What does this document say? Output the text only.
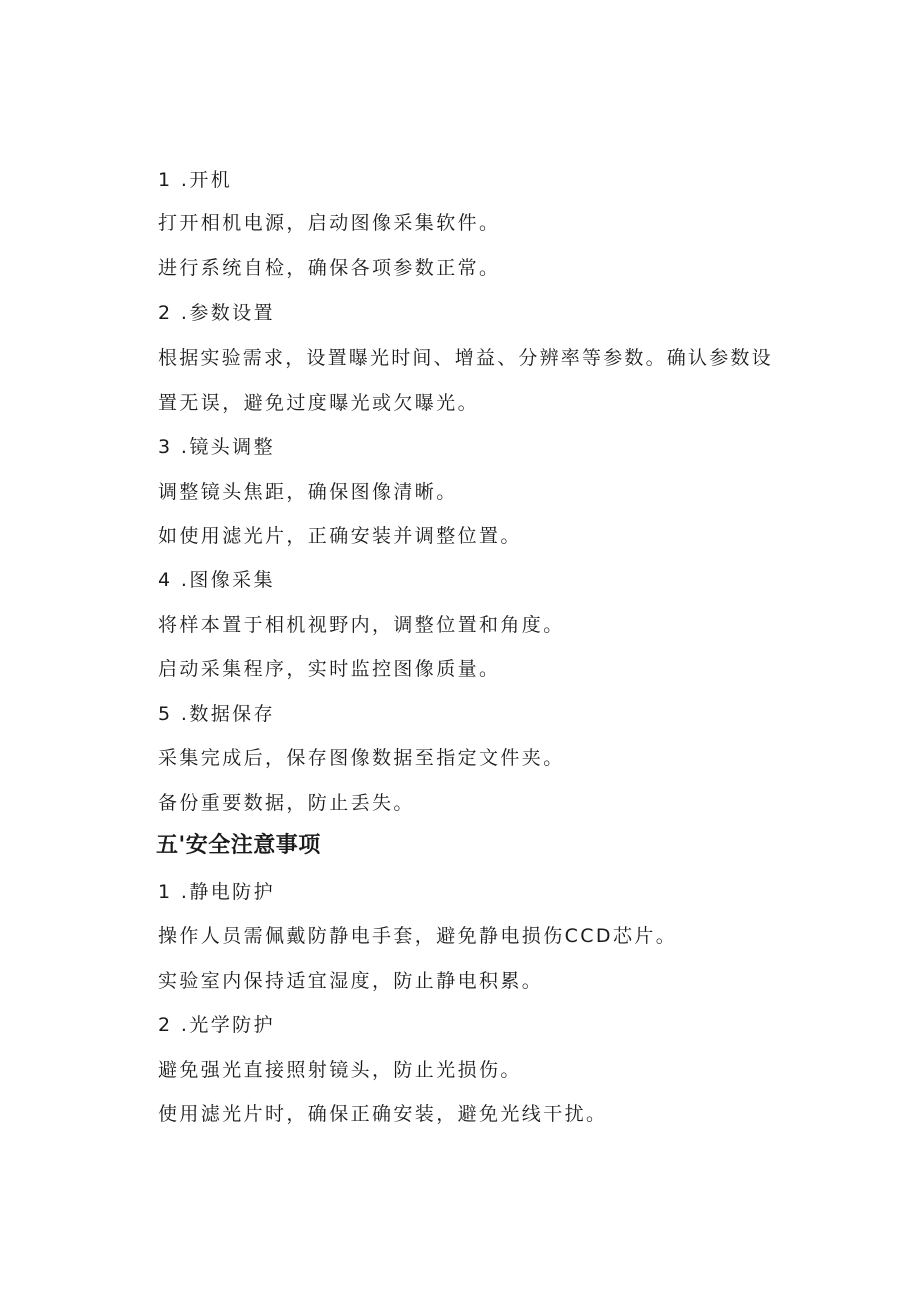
1 .开机
打开相机电源，启动图像采集软件。
进行系统自检，确保各项参数正常。
2 .参数设置
根据实验需求，设置曝光时间、增益、分辨率等参数。确认参数设
置无误，避免过度曝光或欠曝光。
3 .镜头调整
调整镜头焦距，确保图像清晰。
如使用滤光片，正确安装并调整位置。
4 .图像采集
将样本置于相机视野内，调整位置和角度。
启动采集程序，实时监控图像质量。
5 .数据保存
采集完成后，保存图像数据至指定文件夹。
备份重要数据，防止丢失。
五'安全注意事项
1 .静电防护
操作人员需佩戴防静电手套，避免静电损伤CCD芯片。
实验室内保持适宜湿度，防止静电积累。
2 .光学防护
避免强光直接照射镜头，防止光损伤。
使用滤光片时，确保正确安装，避免光线干扰。
